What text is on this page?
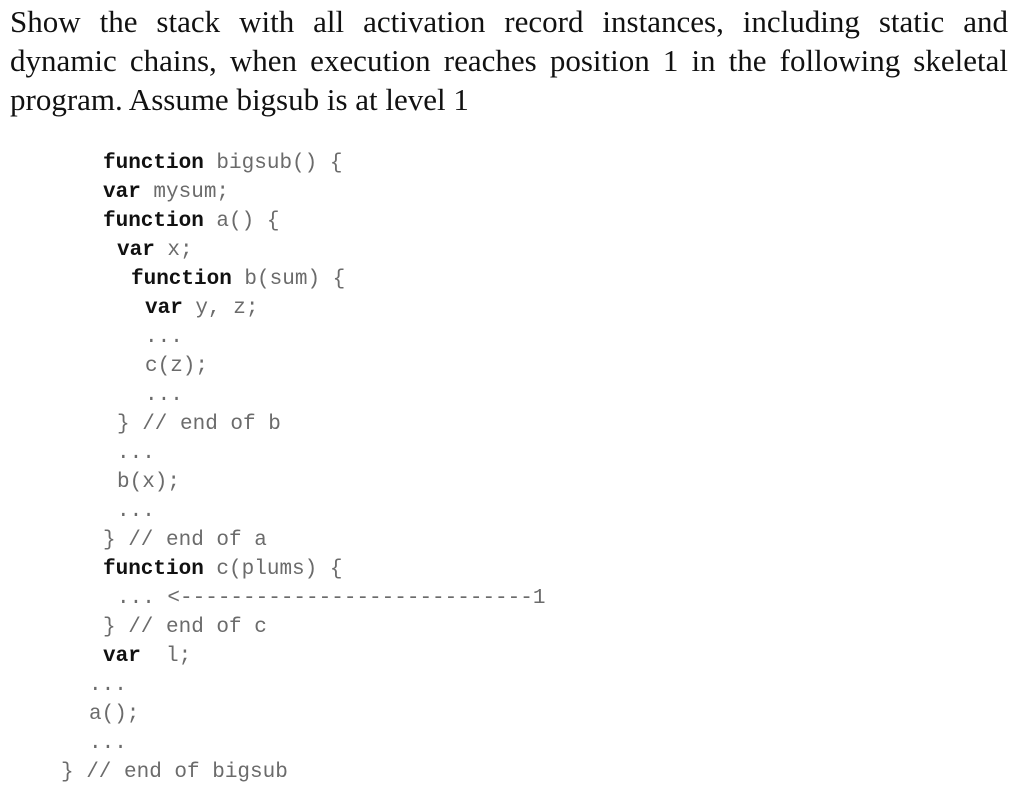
Show the stack with all activation record instances, including static and
dynamic chains, when execution reaches position 1 in the following skeletal
program. Assume bigsub is at level 1
function bigsub() {
var mysum;
function a() {
var x;
function b(sum) {
var y, z;
...
c(z);
...
} // end of b
...
b(x);
...
} // end of a
function c(plums) {
... <----------------------------1
} // end of c
var  l;
...
a();
...
} // end of bigsub
